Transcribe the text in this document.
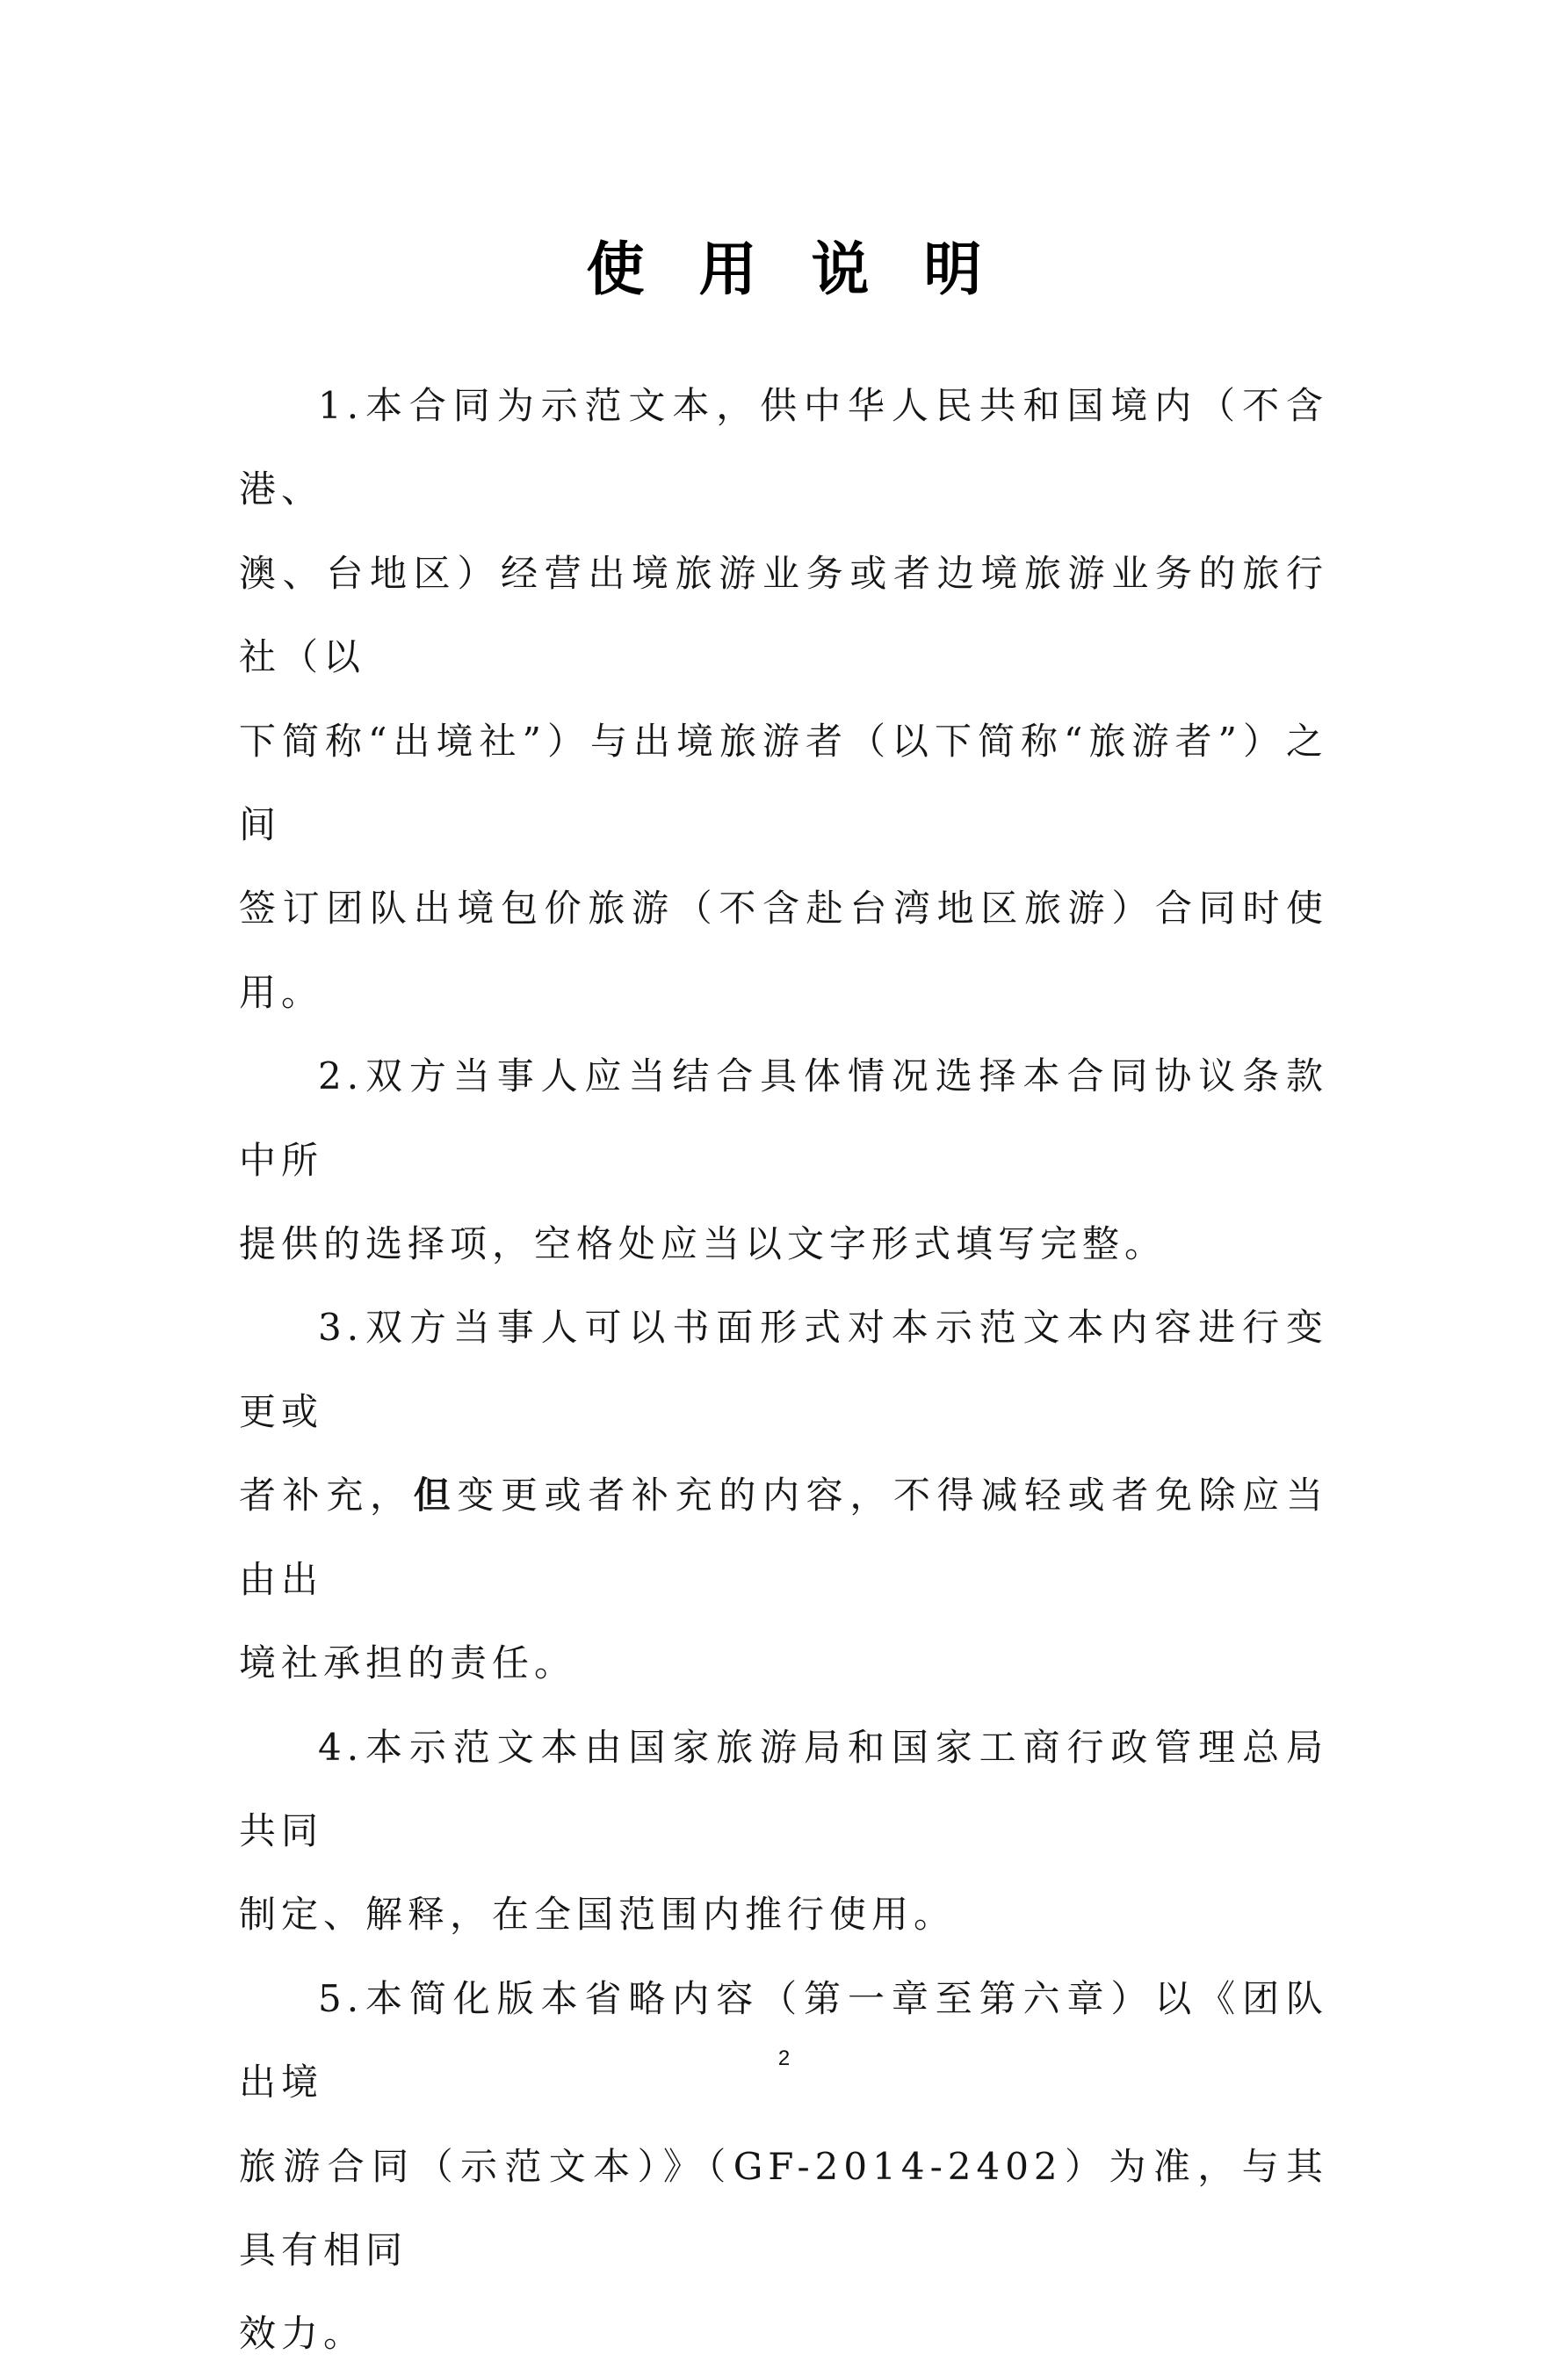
使用说明

1.本合同为示范文本，供中华人民共和国境内（不含港、
澳、台地区）经营出境旅游业务或者边境旅游业务的旅行社（以
下简称“出境社”）与出境旅游者（以下简称“旅游者”）之间
签订团队出境包价旅游（不含赴台湾地区旅游）合同时使用。

2.双方当事人应当结合具体情况选择本合同协议条款中所
提供的选择项，空格处应当以文字形式填写完整。

3.双方当事人可以书面形式对本示范文本内容进行变更或
者补充，但变更或者补充的内容，不得减轻或者免除应当由出
境社承担的责任。

4.本示范文本由国家旅游局和国家工商行政管理总局共同
制定、解释，在全国范围内推行使用。

5.本简化版本省略内容（第一章至第六章）以《团队出境
旅游合同（示范文本）》（GF-2014-2402）为准，与其具有相同
效力。

2
